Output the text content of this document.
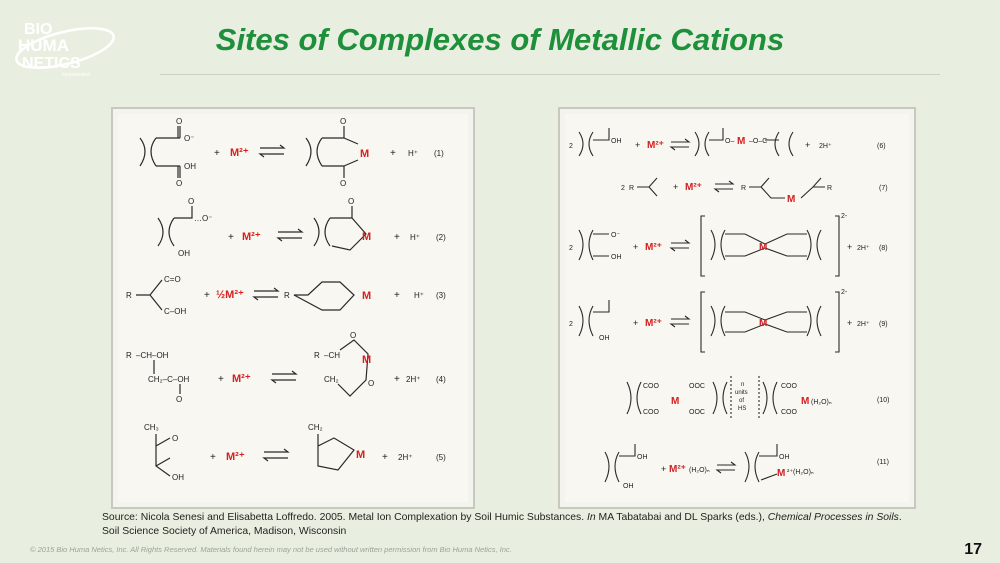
BIO
HUMA
NETICS
Incorporated
Sites of Complexes of Metallic Cations
O
O⁻
OH
O
+ M²⁺
O
O
M + H⁺ (1)
O
…O⁻
OH
+ M²⁺
O
M + H⁺ (2)
R
C=O
C–OH
+ ½M²⁺	R	M + H⁺ (3)
R –CH–OH
CH₂–C–OH
O
+ M²⁺
R –CH
CH₂
O
M
O + 2H⁺ (4)
CH₃
O
OH
+ M²⁺
CH₂
M + 2H⁺	(5)
2
OH + M²⁺	O– M –O–C	+ 2H⁺	(6)
2 R	+ M²⁺	R
M
R	(7)
2
O⁻
OH
+ M²⁺	M
2-
+ 2H⁺ (8)
2
OH
+ M²⁺	M
2-
+ 2H⁺ (9)
COO
COO
M
OOC
OOC
n
units
of
HS
COO
COO
M (H₂O)ₙ	(10)
OH
OH
+ M²⁺ (H₂O)ₙ
OH
M ²⁺(H₂O)ₙ
(11)

Source: Nicola Senesi and Elisabetta Loffredo. 2005. Metal Ion Complexation by Soil Humic Substances. In MA Tabatabai and DL Sparks (eds.), Chemical Processes in Soils. Soil Science Society of America, Madison, Wisconsin

© 2015 Bio Huma Netics, Inc. All Rights Reserved. Materials found herein may not be used without written permission from Bio Huma Netics, Inc.	17
